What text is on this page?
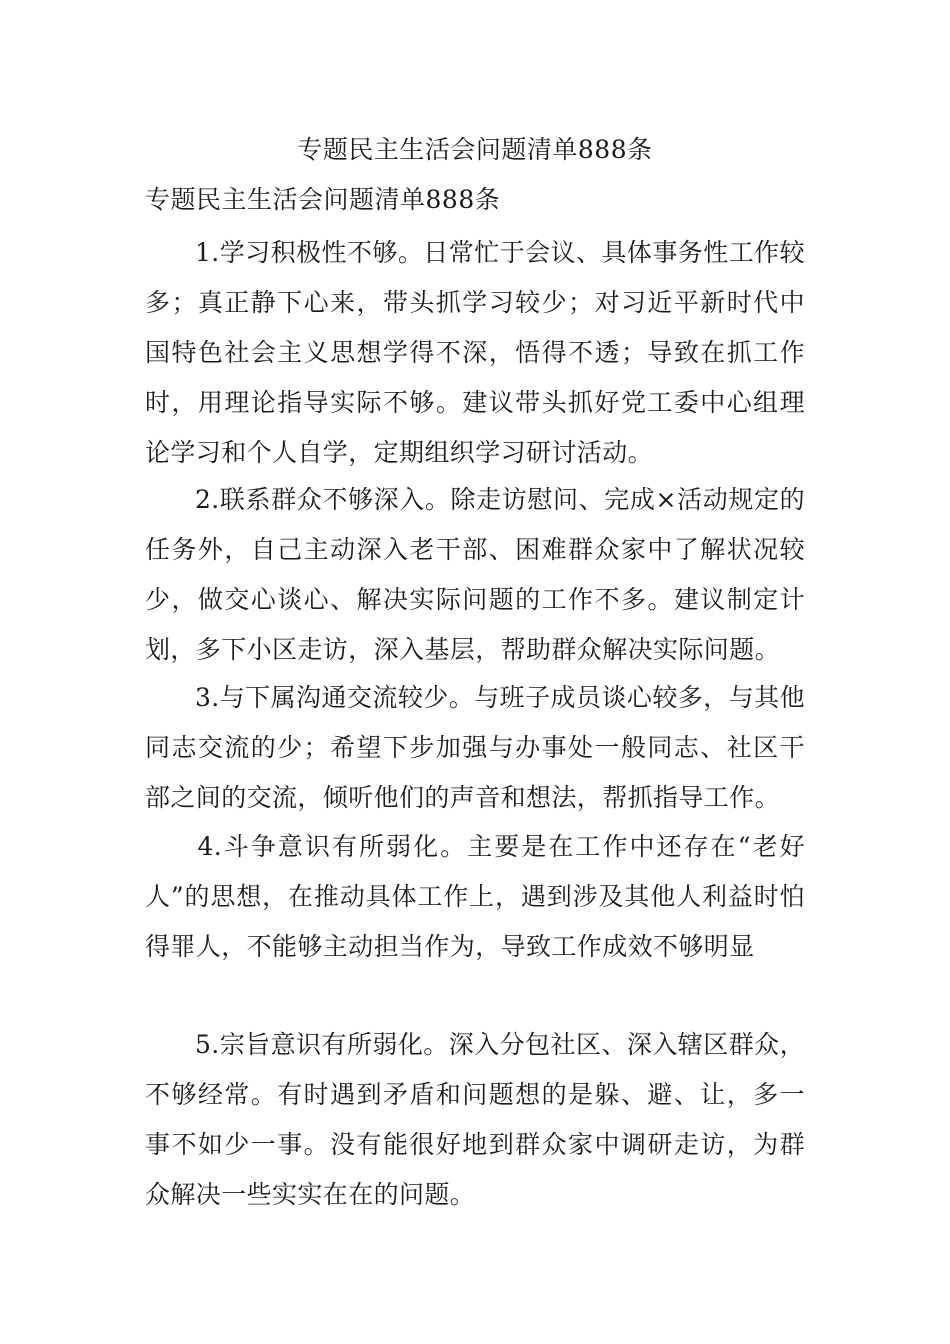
专题民主生活会问题清单888条
专题民主生活会问题清单888条

1.学习积极性不够。日常忙于会议、具体事务性工作较多；真正静下心来，带头抓学习较少；对习近平新时代中国特色社会主义思想学得不深，悟得不透；导致在抓工作时，用理论指导实际不够。建议带头抓好党工委中心组理论学习和个人自学，定期组织学习研讨活动。

2.联系群众不够深入。除走访慰问、完成×活动规定的任务外，自己主动深入老干部、困难群众家中了解状况较少，做交心谈心、解决实际问题的工作不多。建议制定计划，多下小区走访，深入基层，帮助群众解决实际问题。

3.与下属沟通交流较少。与班子成员谈心较多，与其他同志交流的少；希望下步加强与办事处一般同志、社区干部之间的交流，倾听他们的声音和想法，帮抓指导工作。

4.斗争意识有所弱化。主要是在工作中还存在“老好人”的思想，在推动具体工作上，遇到涉及其他人利益时怕得罪人，不能够主动担当作为，导致工作成效不够明显

5.宗旨意识有所弱化。深入分包社区、深入辖区群众，不够经常。有时遇到矛盾和问题想的是躲、避、让，多一事不如少一事。没有能很好地到群众家中调研走访，为群众解决一些实实在在的问题。
